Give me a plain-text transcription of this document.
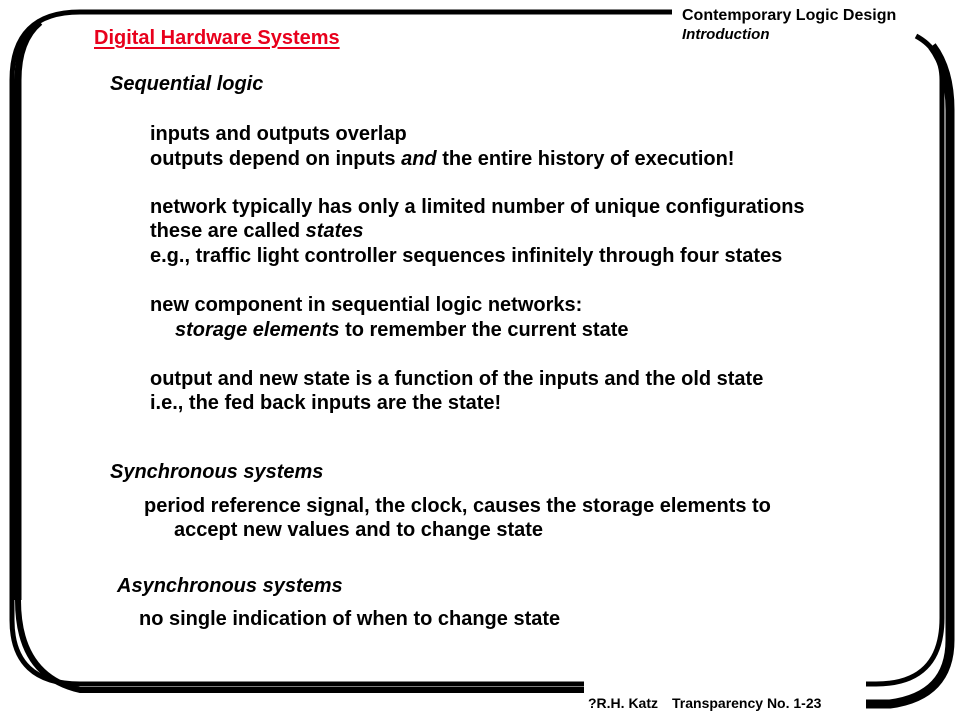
Digital Hardware Systems
Contemporary Logic Design
Introduction
Sequential logic
inputs and outputs overlap
outputs depend on inputs and the entire history of execution!
network typically has only a limited number of unique configurations
these are called states
e.g., traffic light controller sequences infinitely through four states
new component in sequential logic networks:
storage elements to remember the current state
output and new state is a function of the inputs and the old state
i.e., the fed back inputs are the state!
Synchronous systems
period reference signal, the clock, causes the storage elements to
accept new values and to change state
Asynchronous systems
no single indication of when to change state
?R.H. Katz Transparency No. 1-23
